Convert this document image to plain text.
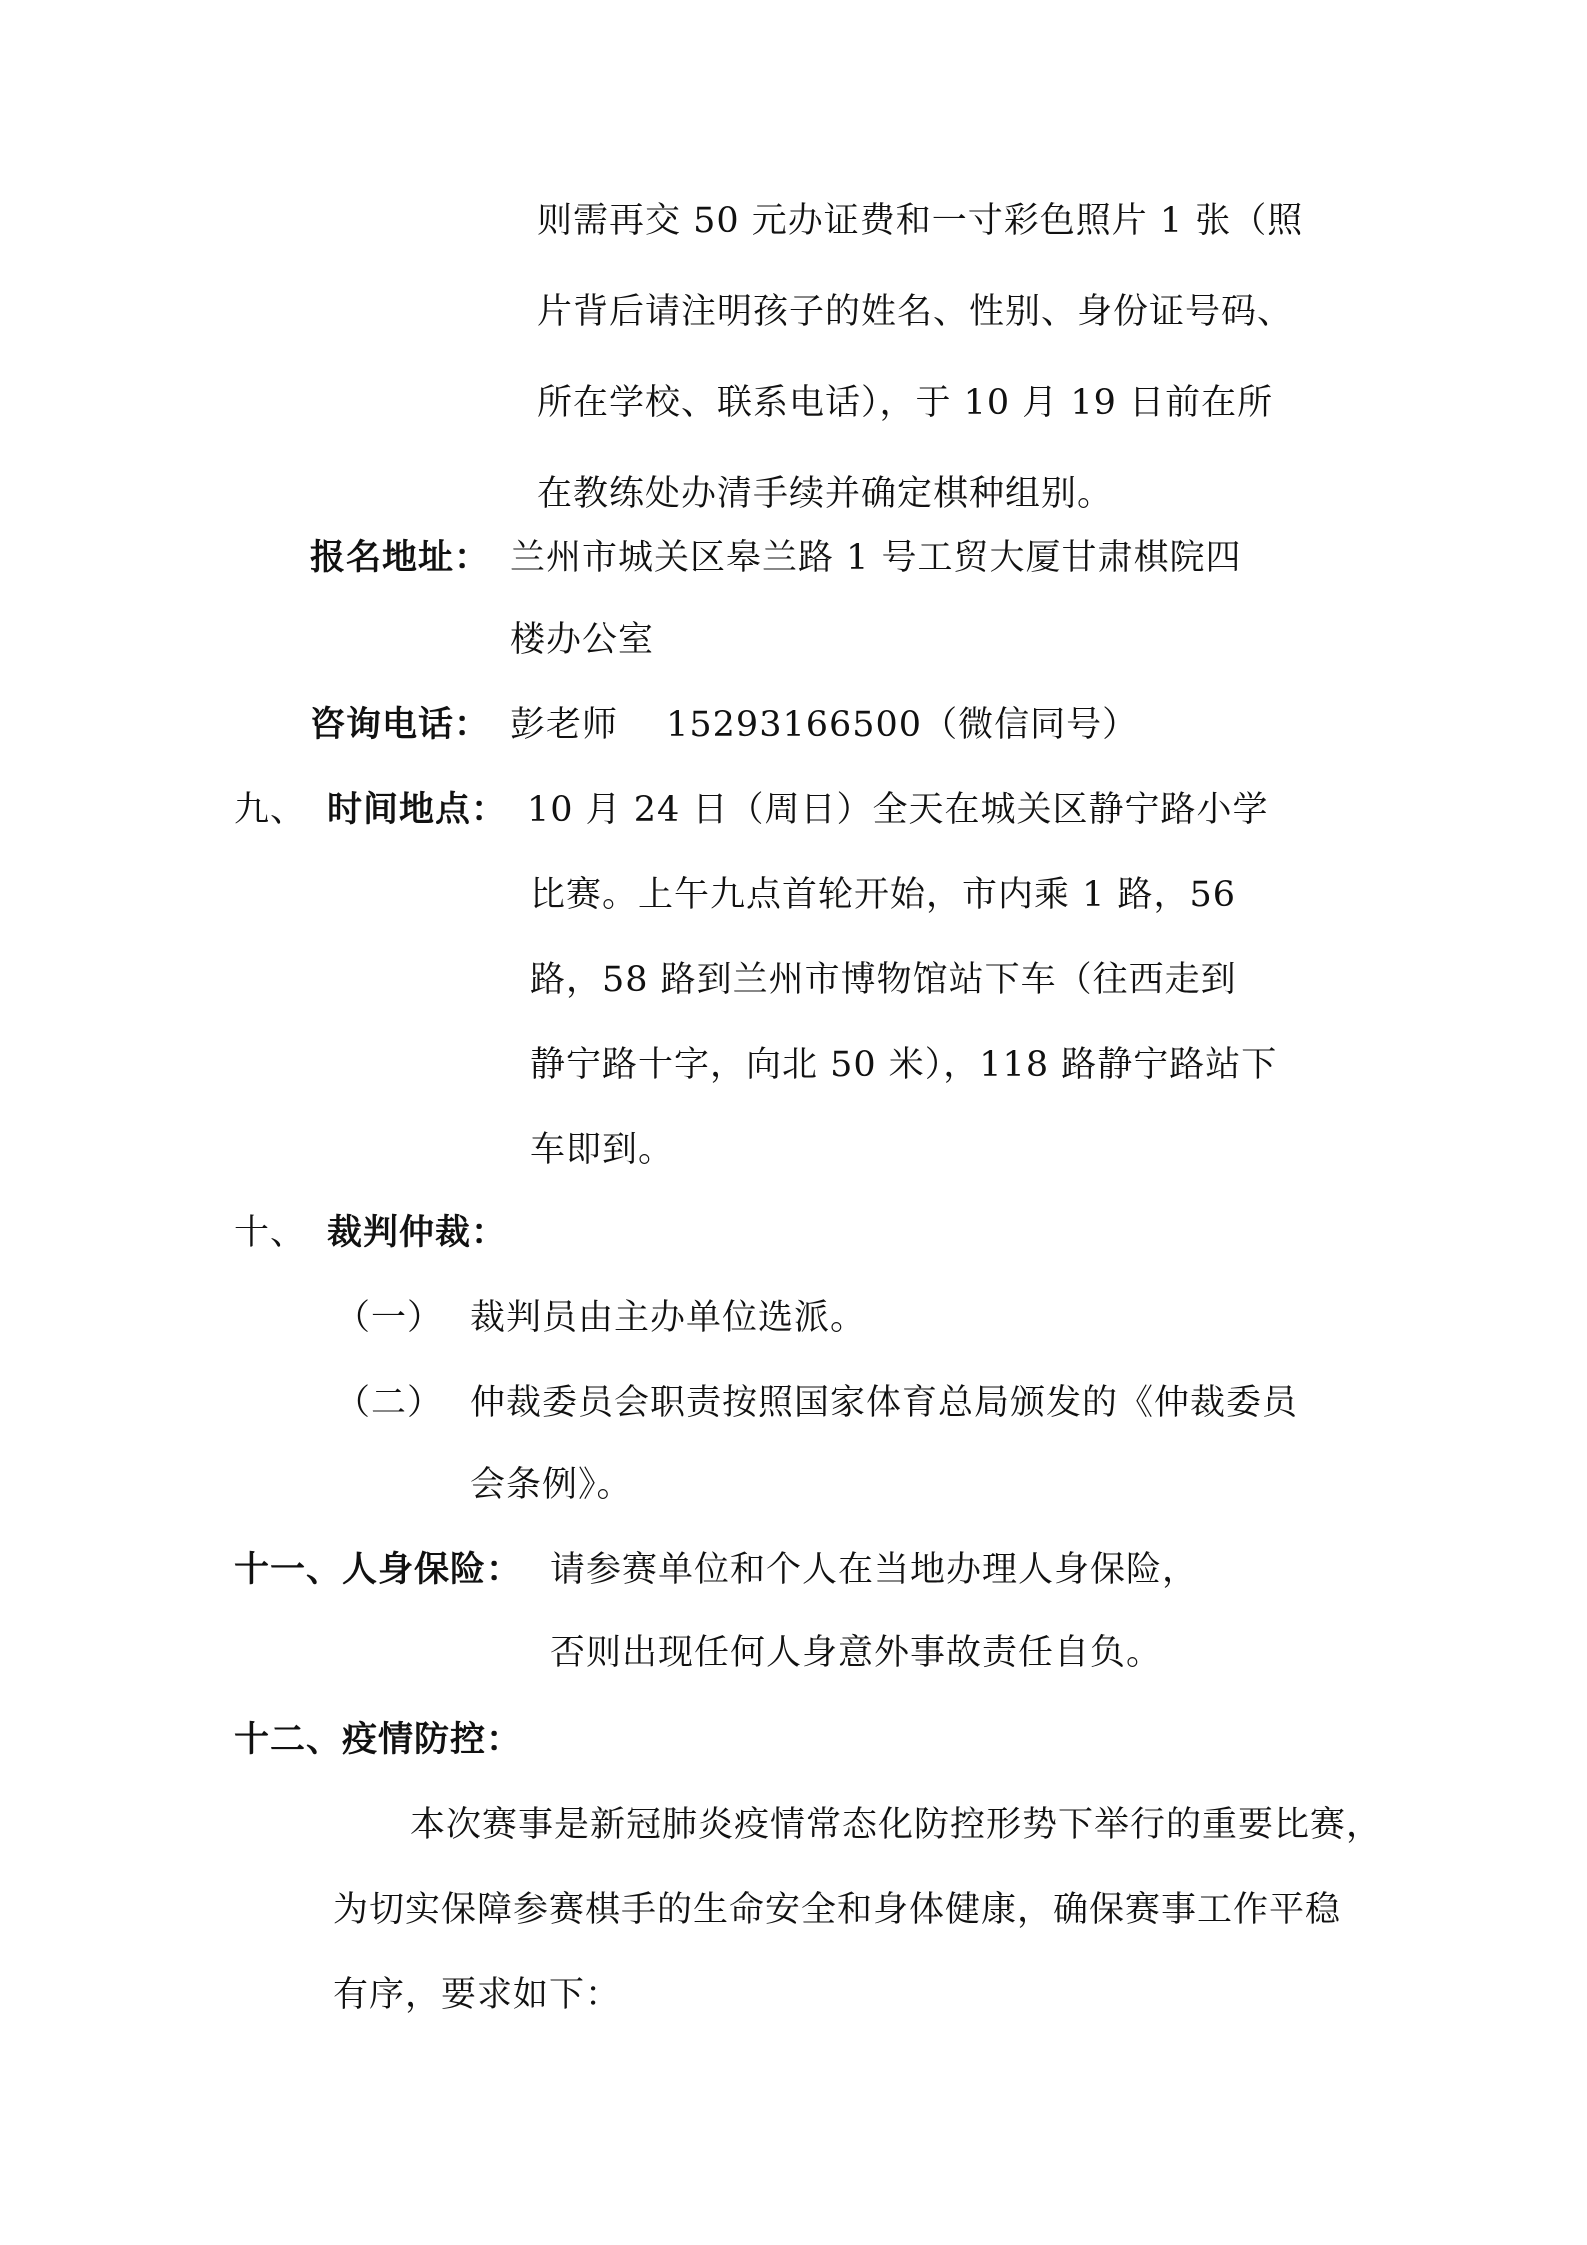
则需再交 50 元办证费和一寸彩色照片 1 张（照
片背后请注明孩子的姓名、性别、身份证号码、
所在学校、联系电话），于 10 月 19 日前在所
在教练处办清手续并确定棋种组别。
报名地址： 兰州市城关区皋兰路 1 号工贸大厦甘肃棋院四
楼办公室
咨询电话： 彭老师　 15293166500（微信同号）
九、 时间地点： 10 月 24 日（周日）全天在城关区静宁路小学
比赛。上午九点首轮开始，市内乘 1 路，56
路，58 路到兰州市博物馆站下车（往西走到
静宁路十字，向北 50 米），118 路静宁路站下
车即到。
十、 裁判仲裁：
（一） 裁判员由主办单位选派。
（二） 仲裁委员会职责按照国家体育总局颁发的《仲裁委员
会条例》。
十一、人身保险： 请参赛单位和个人在当地办理人身保险，
否则出现任何人身意外事故责任自负。
十二、疫情防控：
本次赛事是新冠肺炎疫情常态化防控形势下举行的重要比赛，
为切实保障参赛棋手的生命安全和身体健康，确保赛事工作平稳
有序，要求如下：
